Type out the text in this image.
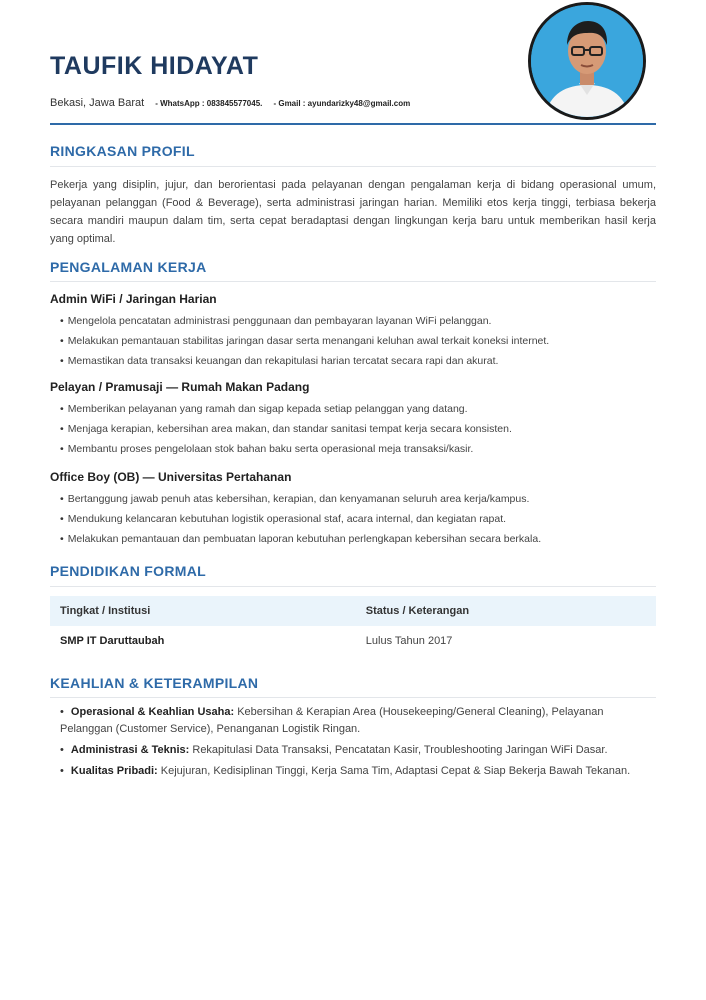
TAUFIK HIDAYAT
Bekasi, Jawa Barat - WhatsApp : 083845577045. - Gmail : ayundarizky48@gmail.com
RINGKASAN PROFIL
Pekerja yang disiplin, jujur, dan berorientasi pada pelayanan dengan pengalaman kerja di bidang operasional umum, pelayanan pelanggan (Food & Beverage), serta administrasi jaringan harian. Memiliki etos kerja tinggi, terbiasa bekerja secara mandiri maupun dalam tim, serta cepat beradaptasi dengan lingkungan kerja baru untuk memberikan hasil kerja yang optimal.
PENGALAMAN KERJA
Admin WiFi / Jaringan Harian
• Mengelola pencatatan administrasi penggunaan dan pembayaran layanan WiFi pelanggan.
• Melakukan pemantauan stabilitas jaringan dasar serta menangani keluhan awal terkait koneksi internet.
• Memastikan data transaksi keuangan dan rekapitulasi harian tercatat secara rapi dan akurat.
Pelayan / Pramusaji — Rumah Makan Padang
• Memberikan pelayanan yang ramah dan sigap kepada setiap pelanggan yang datang.
• Menjaga kerapian, kebersihan area makan, dan standar sanitasi tempat kerja secara konsisten.
• Membantu proses pengelolaan stok bahan baku serta operasional meja transaksi/kasir.
Office Boy (OB) — Universitas Pertahanan
• Bertanggung jawab penuh atas kebersihan, kerapian, dan kenyamanan seluruh area kerja/kampus.
• Mendukung kelancaran kebutuhan logistik operasional staf, acara internal, dan kegiatan rapat.
• Melakukan pemantauan dan pembuatan laporan kebutuhan perlengkapan kebersihan secara berkala.
PENDIDIKAN FORMAL
Tingkat / Institusi	Status / Keterangan
SMP IT Daruttaubah	Lulus Tahun 2017
KEAHLIAN & KETERAMPILAN
• Operasional & Keahlian Usaha: Kebersihan & Kerapian Area (Housekeeping/General Cleaning), Pelayanan Pelanggan (Customer Service), Penanganan Logistik Ringan.
• Administrasi & Teknis: Rekapitulasi Data Transaksi, Pencatatan Kasir, Troubleshooting Jaringan WiFi Dasar.
• Kualitas Pribadi: Kejujuran, Kedisiplinan Tinggi, Kerja Sama Tim, Adaptasi Cepat & Siap Bekerja Bawah Tekanan.
